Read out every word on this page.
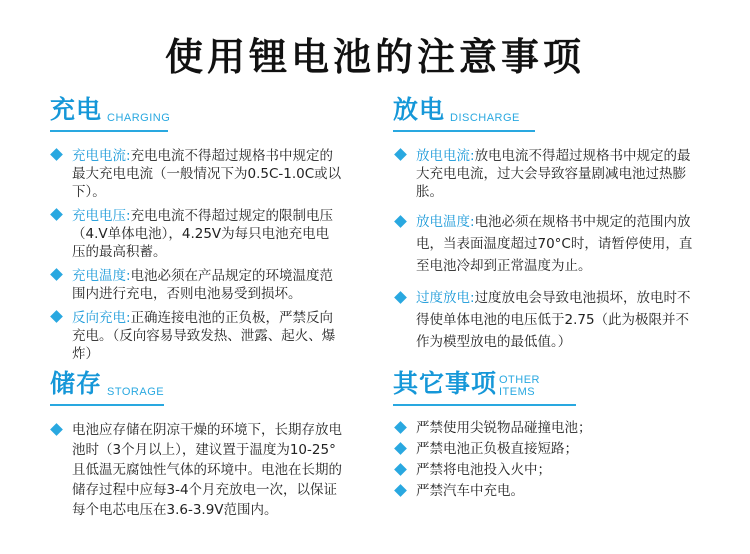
使用锂电池的注意事项
充电 CHARGING
充电电流:充电电流不得超过规格书中规定的最大充电电流（一般情况下为0.5C-1.0C或以下）。
充电电压:充电电流不得超过规定的限制电压（4.V单体电池），4.25V为每只电池充电电压的最高积蓄。
充电温度:电池必须在产品规定的环境温度范围内进行充电，否则电池易受到损坏。
反向充电:正确连接电池的正负极，严禁反向充电。（反向容易导致发热、泄露、起火、爆炸）
放电 DISCHARGE
放电电流:放电电流不得超过规格书中规定的最大充电电流，过大会导致容量剧减电池过热膨胀。
放电温度:电池必须在规格书中规定的范围内放电，当表面温度超过70°C时，请暂停使用，直至电池冷却到正常温度为止。
过度放电:过度放电会导致电池损坏，放电时不得使单体电池的电压低于2.75（此为极限并不作为模型放电的最低值。）
储存 STORAGE
电池应存储在阴凉干燥的环境下，长期存放电池时（3个月以上），建议置于温度为10-25°且低温无腐蚀性气体的环境中。电池在长期的储存过程中应每3-4个月充放电一次，以保证每个电芯电压在3.6-3.9V范围内。
其它事项 OTHER ITEMS
严禁使用尖锐物品碰撞电池；
严禁电池正负极直接短路；
严禁将电池投入火中；
严禁汽车中充电。
